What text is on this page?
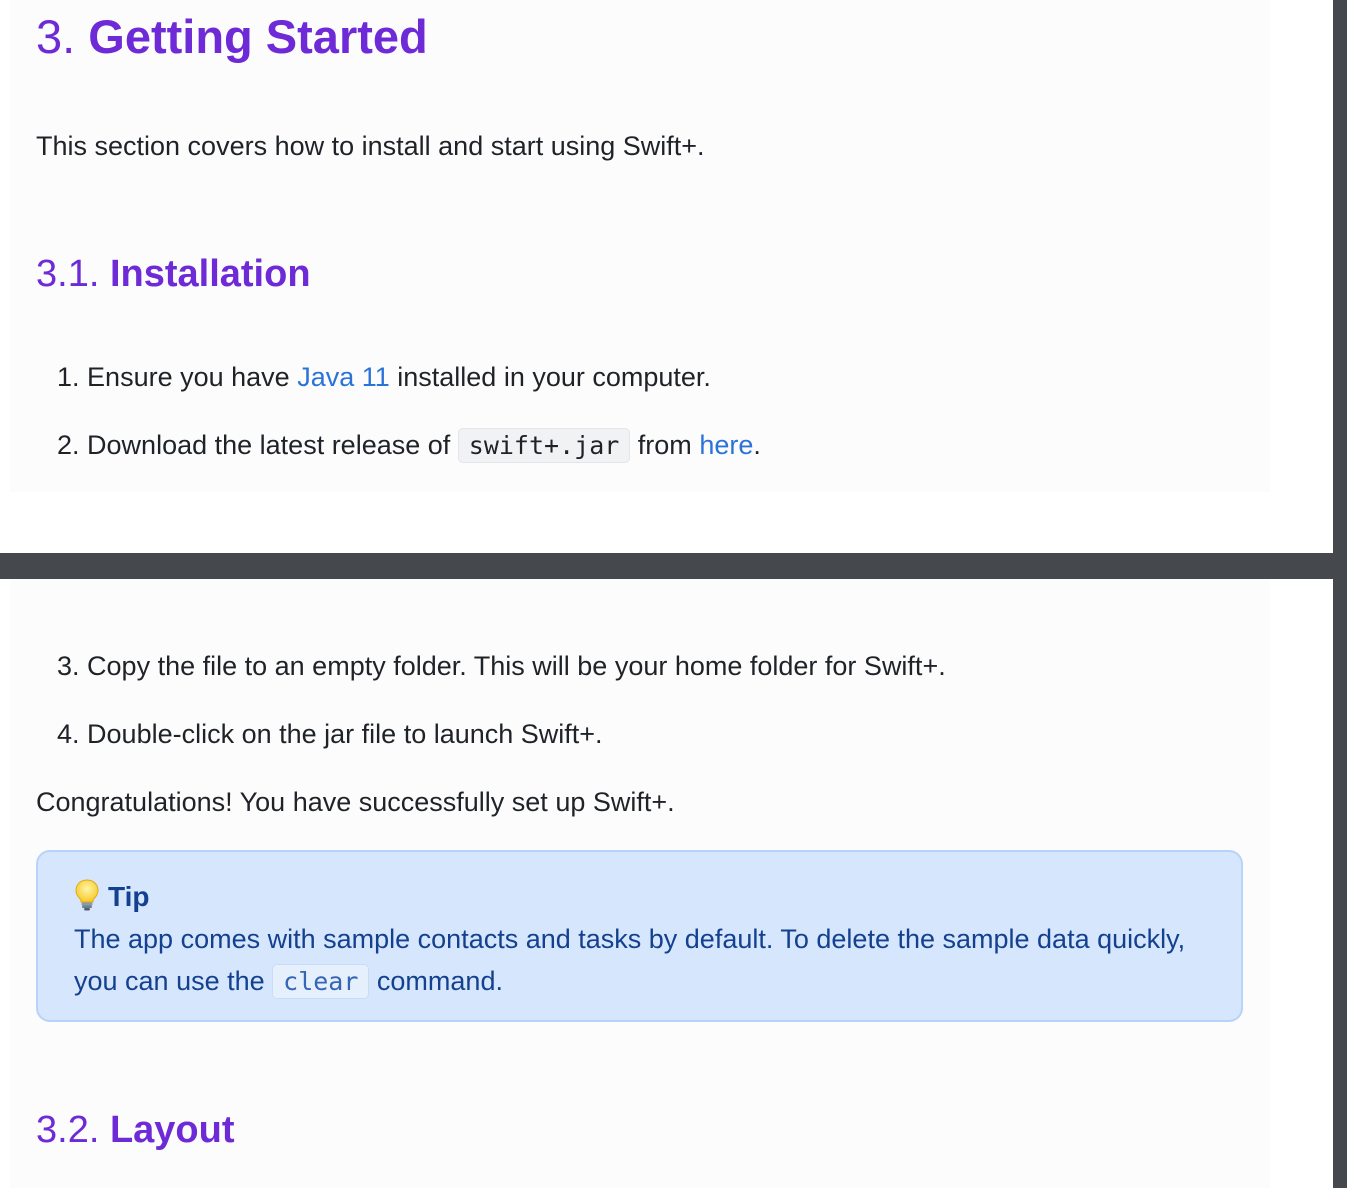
3. Getting Started

This section covers how to install and start using Swift+.

3.1. Installation
1. Ensure you have Java 11 installed in your computer.
2. Download the latest release of swift+.jar from here.
3. Copy the file to an empty folder. This will be your home folder for Swift+.
4. Double-click on the jar file to launch Swift+.

Congratulations! You have successfully set up Swift+.

Tip

The app comes with sample contacts and tasks by default. To delete the sample data quickly, you can use the clear command.

3.2. Layout
